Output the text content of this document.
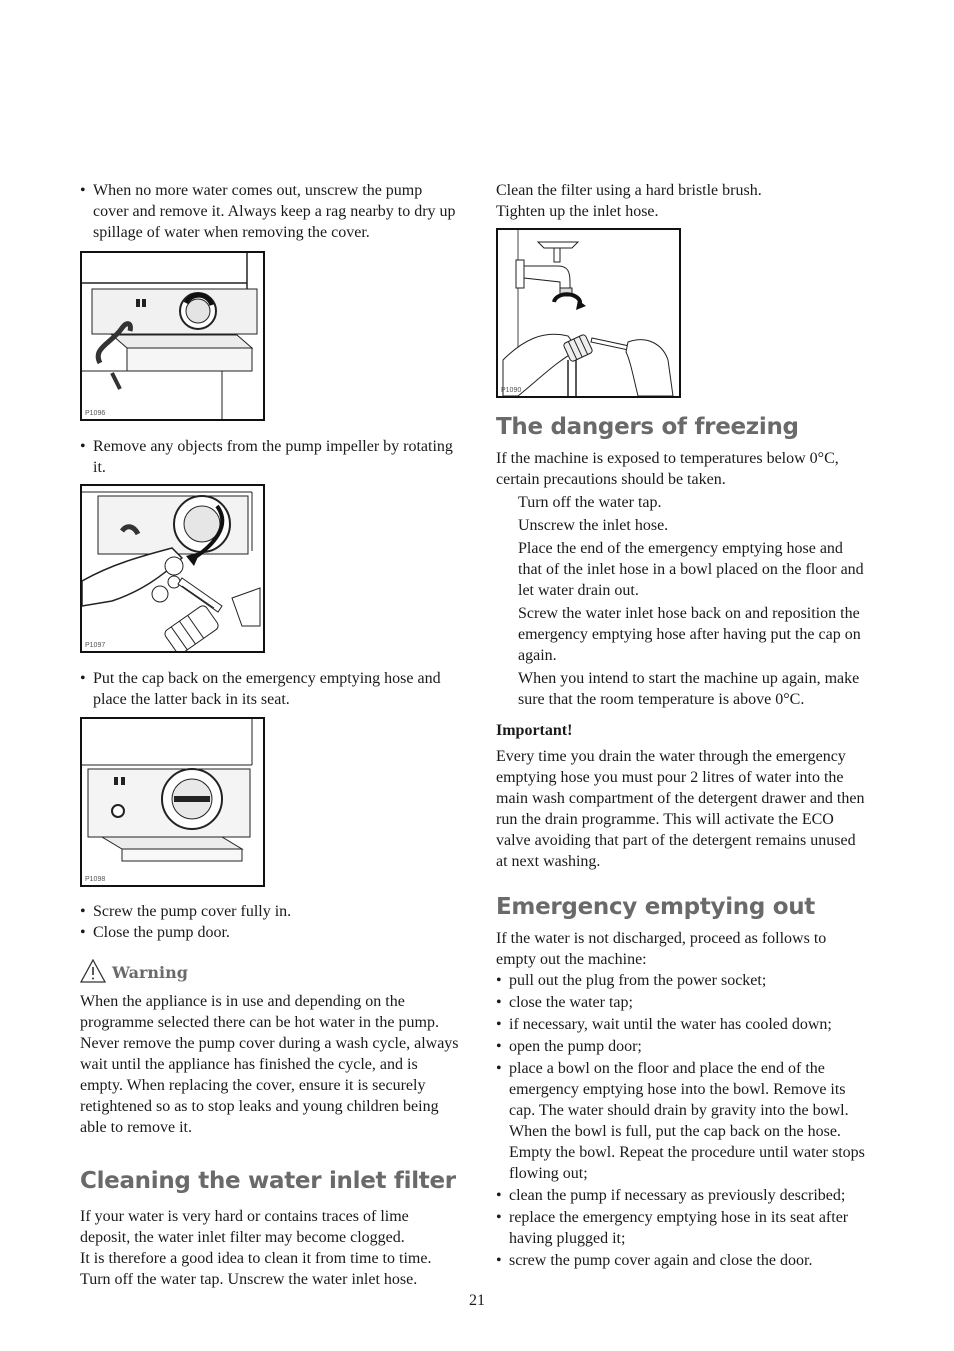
• When no more water comes out, unscrew the pump cover and remove it. Always keep a rag nearby to dry up spillage of water when removing the cover.
P1096
• Remove any objects from the pump impeller by rotating it.
P1097
• Put the cap back on the emergency emptying hose and place the latter back in its seat.
P1098
• Screw the pump cover fully in.
• Close the pump door.
Warning

When the appliance is in use and depending on the programme selected there can be hot water in the pump. Never remove the pump cover during a wash cycle, always wait until the appliance has finished the cycle, and is empty. When replacing the cover, ensure it is securely retightened so as to stop leaks and young children being able to remove it.

Cleaning the water inlet filter

If your water is very hard or contains traces of lime deposit, the water inlet filter may become clogged.

It is therefore a good idea to clean it from time to time.

Turn off the water tap. Unscrew the water inlet hose.

Clean the filter using a hard bristle brush.

Tighten up the inlet hose.

P1090
The dangers of freezing

If the machine is exposed to temperatures below 0°C, certain precautions should be taken.

Turn off the water tap.

Unscrew the inlet hose.

Place the end of the emergency emptying hose and that of the inlet hose in a bowl placed on the floor and let water drain out.

Screw the water inlet hose back on and reposition the emergency emptying hose after having put the cap on again.

When you intend to start the machine up again, make sure that the room temperature is above 0°C.

Important!

Every time you drain the water through the emergency emptying hose you must pour 2 litres of water into the main wash compartment of the detergent drawer and then run the drain programme. This will activate the ECO valve avoiding that part of the detergent remains unused at next washing.

Emergency emptying out

If the water is not discharged, proceed as follows to empty out the machine:

• pull out the plug from the power socket;
• close the water tap;
• if necessary, wait until the water has cooled down;
• open the pump door;
• place a bowl on the floor and place the end of the emergency emptying hose into the bowl. Remove its cap. The water should drain by gravity into the bowl. When the bowl is full, put the cap back on the hose. Empty the bowl. Repeat the procedure until water stops flowing out;
• clean the pump if necessary as previously described;
• replace the emergency emptying hose in its seat after having plugged it;
• screw the pump cover again and close the door.
21
